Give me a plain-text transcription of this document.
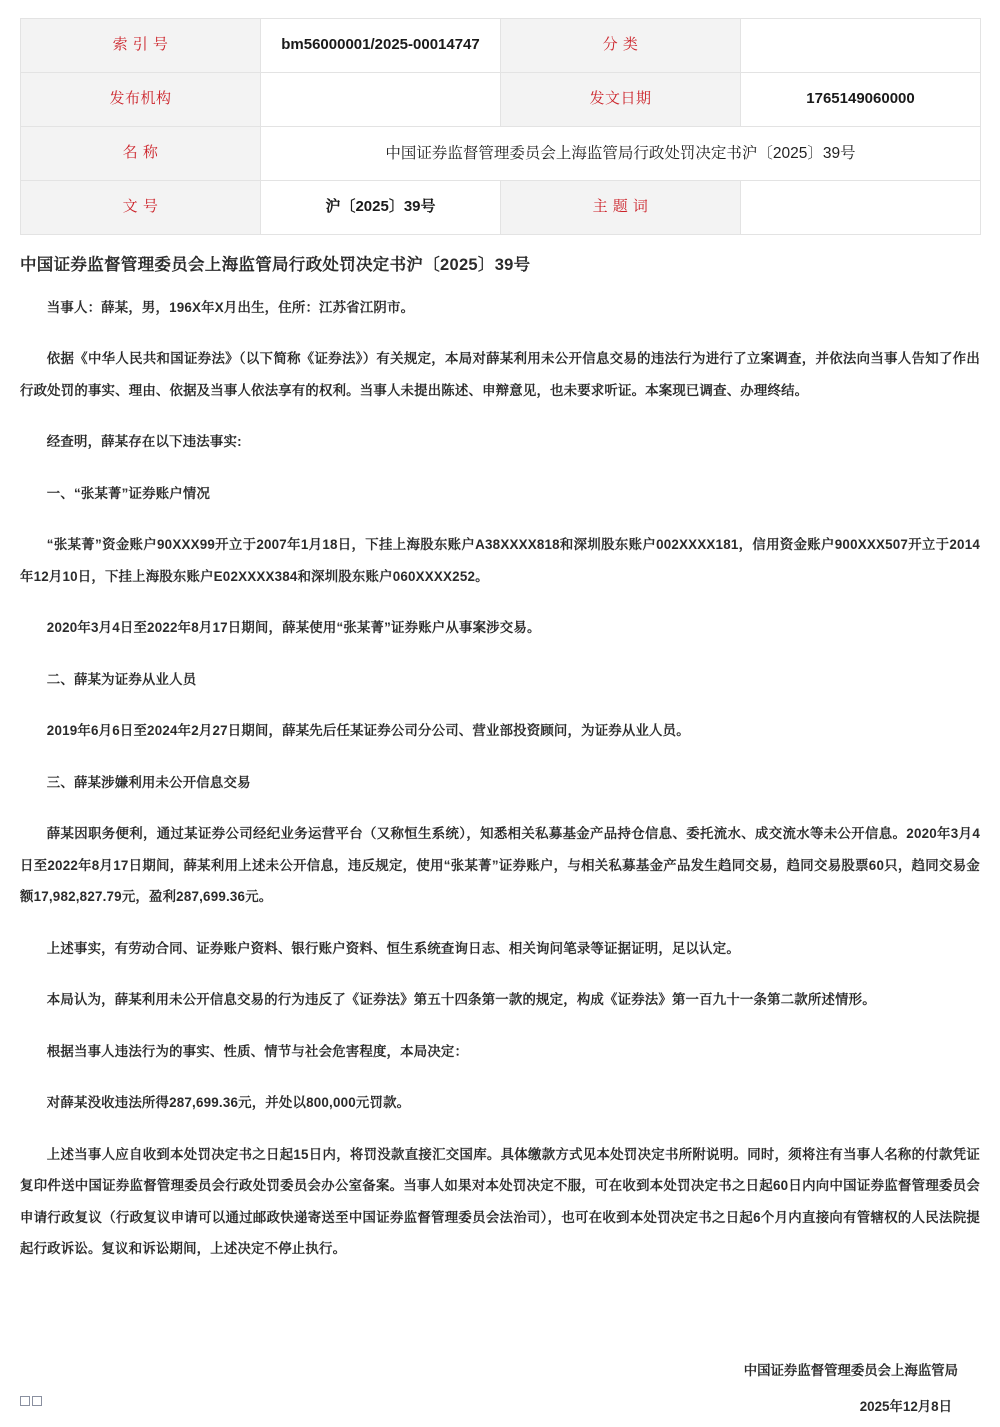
索 引 号	bm56000001/2025-00014747	分 类	
发布机构		发文日期	1765149060000
名 称	中国证券监督管理委员会上海监管局行政处罚决定书沪〔2025〕39号		
文 号	沪〔2025〕39号	主 题 词	
中国证券监督管理委员会上海监管局行政处罚决定书沪〔2025〕39号

当事人：薛某，男，196X年X月出生，住所：江苏省江阴市。

依据《中华人民共和国证券法》（以下简称《证券法》）有关规定，本局对薛某利用未公开信息交易的违法行为进行了立案调查，并依法向当事人告知了作出行政处罚的事实、理由、依据及当事人依法享有的权利。当事人未提出陈述、申辩意见，也未要求听证。本案现已调查、办理终结。

经查明，薛某存在以下违法事实:

一、“张某菁”证券账户情况

“张某菁”资金账户90XXX99开立于2007年1月18日，下挂上海股东账户A38XXXX818和深圳股东账户002XXXX181，信用资金账户900XXX507开立于2014年12月10日，下挂上海股东账户E02XXXX384和深圳股东账户060XXXX252。

2020年3月4日至2022年8月17日期间，薛某使用“张某菁”证券账户从事案涉交易。

二、薛某为证券从业人员

2019年6月6日至2024年2月27日期间，薛某先后任某证券公司分公司、营业部投资顾问，为证券从业人员。

三、薛某涉嫌利用未公开信息交易

薛某因职务便利，通过某证券公司经纪业务运营平台（又称恒生系统），知悉相关私募基金产品持仓信息、委托流水、成交流水等未公开信息。2020年3月4日至2022年8月17日期间，薛某利用上述未公开信息，违反规定，使用“张某菁”证券账户，与相关私募基金产品发生趋同交易，趋同交易股票60只，趋同交易金额17,982,827.79元，盈利287,699.36元。

上述事实，有劳动合同、证券账户资料、银行账户资料、恒生系统查询日志、相关询问笔录等证据证明，足以认定。

本局认为，薛某利用未公开信息交易的行为违反了《证券法》第五十四条第一款的规定，构成《证券法》第一百九十一条第二款所述情形。

根据当事人违法行为的事实、性质、情节与社会危害程度，本局决定：

对薛某没收违法所得287,699.36元，并处以800,000元罚款。

上述当事人应自收到本处罚决定书之日起15日内，将罚没款直接汇交国库。具体缴款方式见本处罚决定书所附说明。同时，须将注有当事人名称的付款凭证复印件送中国证券监督管理委员会行政处罚委员会办公室备案。当事人如果对本处罚决定不服，可在收到本处罚决定书之日起60日内向中国证券监督管理委员会申请行政复议（行政复议申请可以通过邮政快递寄送至中国证券监督管理委员会法治司），也可在收到本处罚决定书之日起6个月内直接向有管辖权的人民法院提起行政诉讼。复议和诉讼期间，上述决定不停止执行。

中国证券监督管理委员会上海监管局
2025年12月8日
